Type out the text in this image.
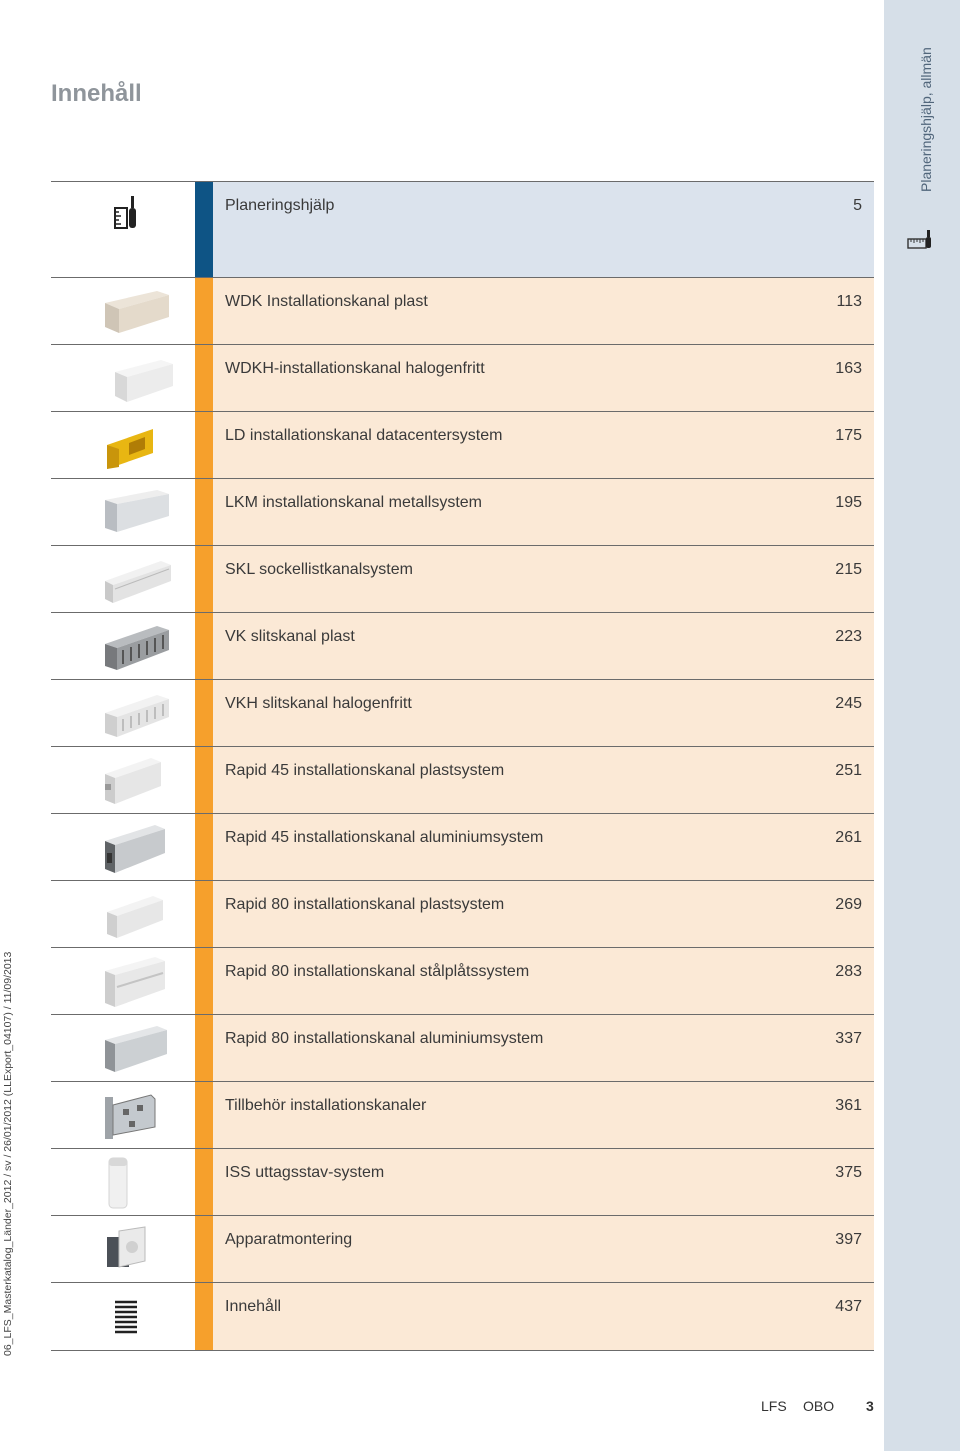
Planeringshjälp, allmän
06_LFS_Masterkatalog_Länder_2012 / sv / 26/01/2012 (LLExport_04107) / 11/09/2013
Innehåll
Planeringshjälp	5
WDK Installationskanal plast	113
WDKH-installationskanal halogenfritt	163
LD installationskanal datacentersystem	175
LKM installationskanal metallsystem	195
SKL sockellistkanalsystem	215
VK slitskanal plast	223
VKH slitskanal halogenfritt	245
Rapid 45 installationskanal plastsystem	251
Rapid 45 installationskanal aluminiumsystem	261
Rapid 80 installationskanal plastsystem	269
Rapid 80 installationskanal stålplåtssystem	283
Rapid 80 installationskanal aluminiumsystem	337
Tillbehör installationskanaler	361
ISS uttagsstav-system	375
Apparatmontering	397
Innehåll	437
LFS OBO 3
